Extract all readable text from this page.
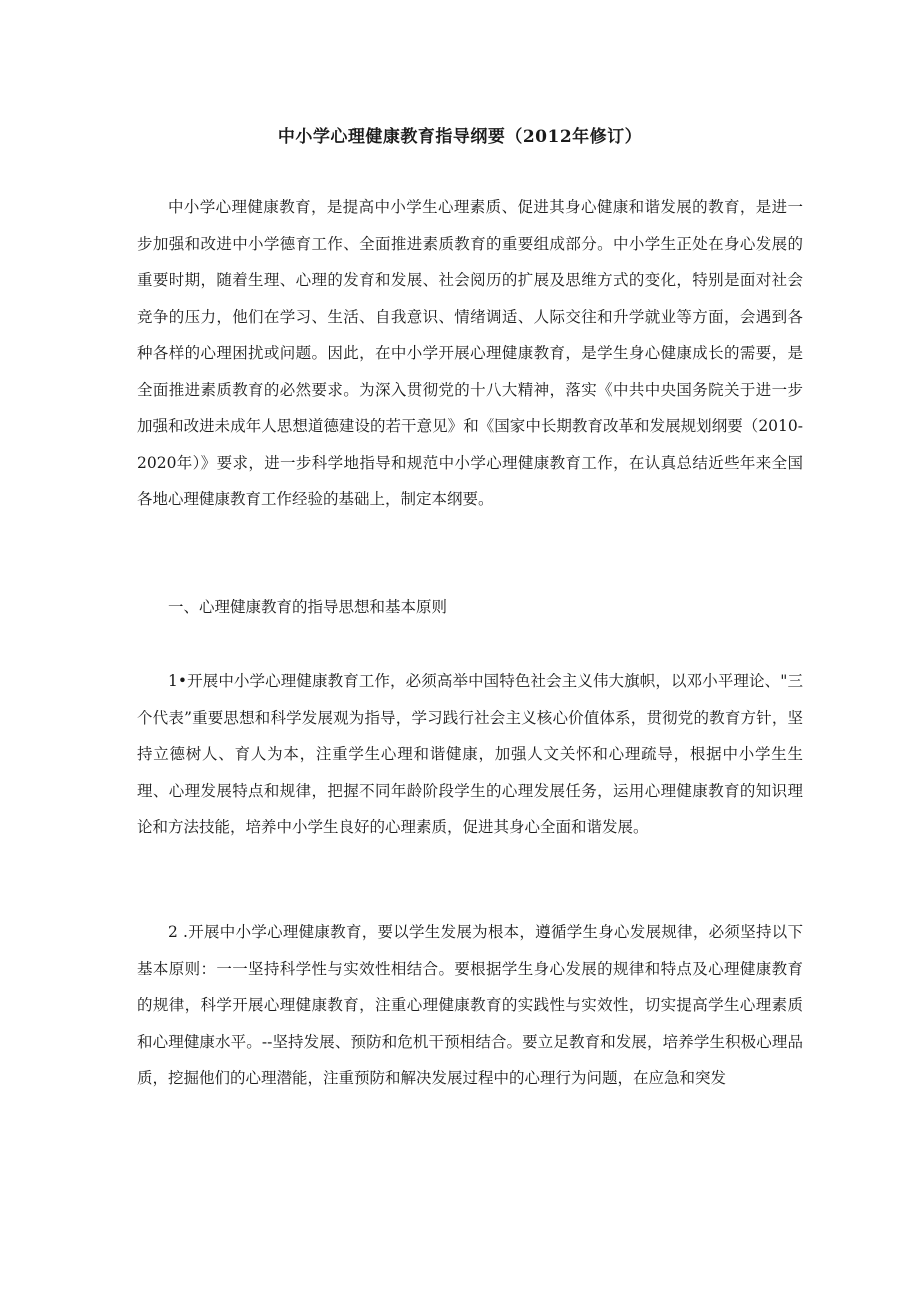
中小学心理健康教育指导纲要（2012年修订）

中小学心理健康教育，是提高中小学生心理素质、促进其身心健康和谐发展的教育，是进一步加强和改进中小学德育工作、全面推进素质教育的重要组成部分。中小学生正处在身心发展的重要时期，随着生理、心理的发育和发展、社会阅历的扩展及思维方式的变化，特别是面对社会竞争的压力，他们在学习、生活、自我意识、情绪调适、人际交往和升学就业等方面，会遇到各种各样的心理困扰或问题。因此，在中小学开展心理健康教育，是学生身心健康成长的需要，是全面推进素质教育的必然要求。为深入贯彻党的十八大精神，落实《中共中央国务院关于进一步加强和改进未成年人思想道德建设的若干意见》和《国家中长期教育改革和发展规划纲要（2010-2020年）》要求，进一步科学地指导和规范中小学心理健康教育工作，在认真总结近些年来全国各地心理健康教育工作经验的基础上，制定本纲要。

一、心理健康教育的指导思想和基本原则

1•开展中小学心理健康教育工作，必须高举中国特色社会主义伟大旗帜，以邓小平理论、"三个代表”重要思想和科学发展观为指导，学习践行社会主义核心价值体系，贯彻党的教育方针，坚持立德树人、育人为本，注重学生心理和谐健康，加强人文关怀和心理疏导，根据中小学生生理、心理发展特点和规律，把握不同年龄阶段学生的心理发展任务，运用心理健康教育的知识理论和方法技能，培养中小学生良好的心理素质，促进其身心全面和谐发展。

2 .开展中小学心理健康教育，要以学生发展为根本，遵循学生身心发展规律，必须坚持以下基本原则：一一坚持科学性与实效性相结合。要根据学生身心发展的规律和特点及心理健康教育的规律，科学开展心理健康教育，注重心理健康教育的实践性与实效性，切实提高学生心理素质和心理健康水平。--坚持发展、预防和危机干预相结合。要立足教育和发展，培养学生积极心理品质，挖掘他们的心理潜能，注重预防和解决发展过程中的心理行为问题，在应急和突发
